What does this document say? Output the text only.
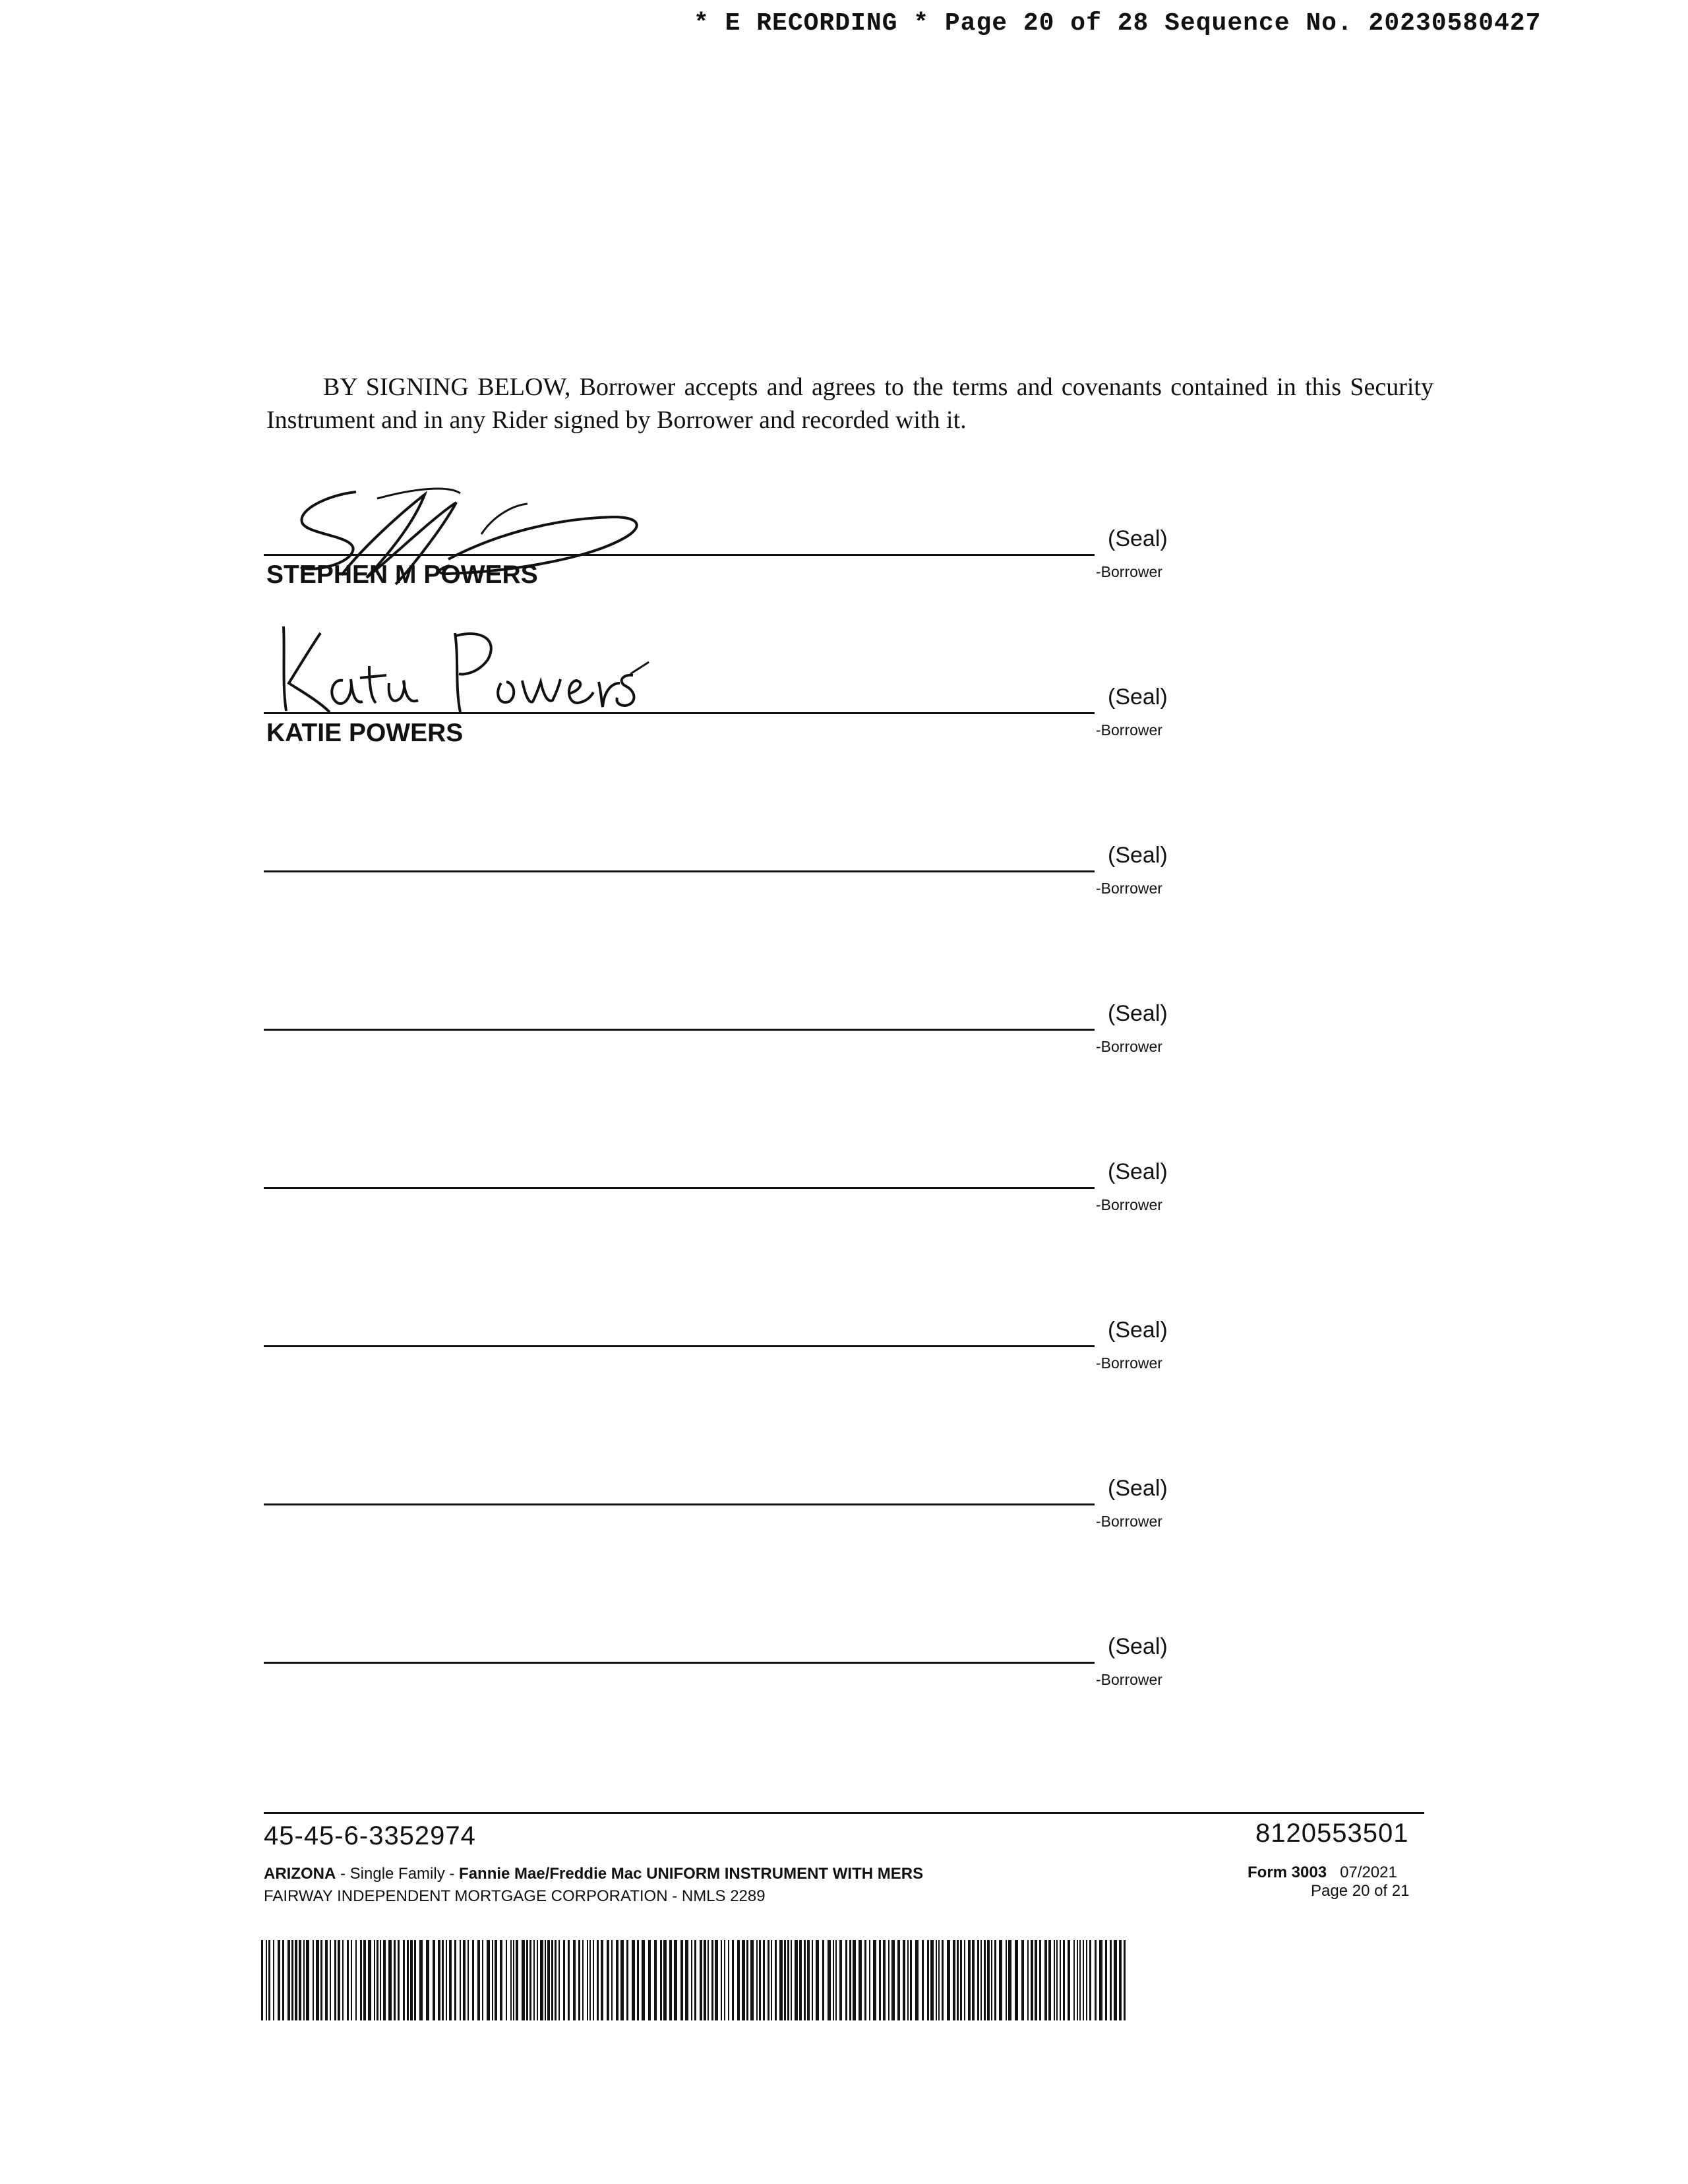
* E RECORDING * Page 20 of 28 Sequence No. 20230580427
BY SIGNING BELOW, Borrower accepts and agrees to the terms and covenants contained in this Security Instrument and in any Rider signed by Borrower and recorded with it.
(Seal)
-Borrower
STEPHEN M POWERS
(Seal)
-Borrower
KATIE POWERS
(Seal)
-Borrower
(Seal)
-Borrower
(Seal)
-Borrower
(Seal)
-Borrower
(Seal)
-Borrower
(Seal)
-Borrower
45-45-6-3352974	8120553501
ARIZONA - Single Family - Fannie Mae/Freddie Mac UNIFORM INSTRUMENT WITH MERS
FAIRWAY INDEPENDENT MORTGAGE CORPORATION - NMLS 2289
Form 3003 07/2021
Page 20 of 21
